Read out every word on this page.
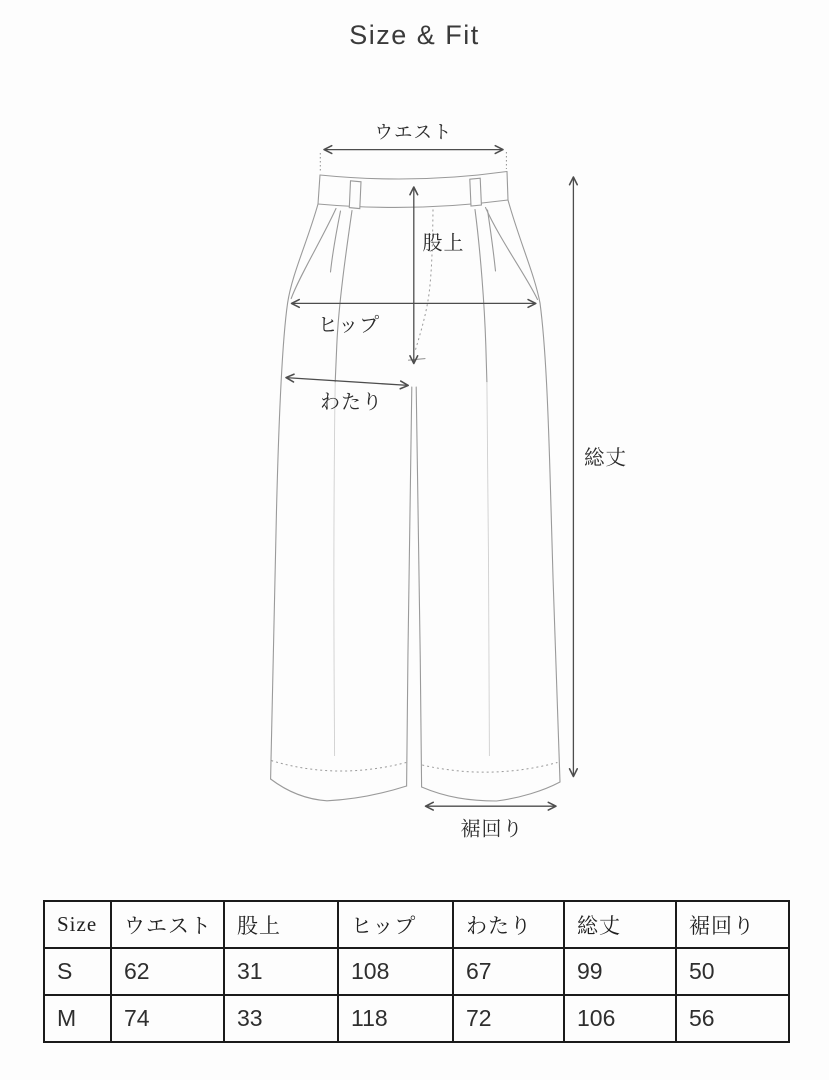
Size & Fit
ウエスト
股上
ヒップ
わたり
総丈
裾回り
Size	ウエスト	股上	ヒップ	わたり	総丈	裾回り
S	62	31	108	67	99	50
M	74	33	118	72	106	56
